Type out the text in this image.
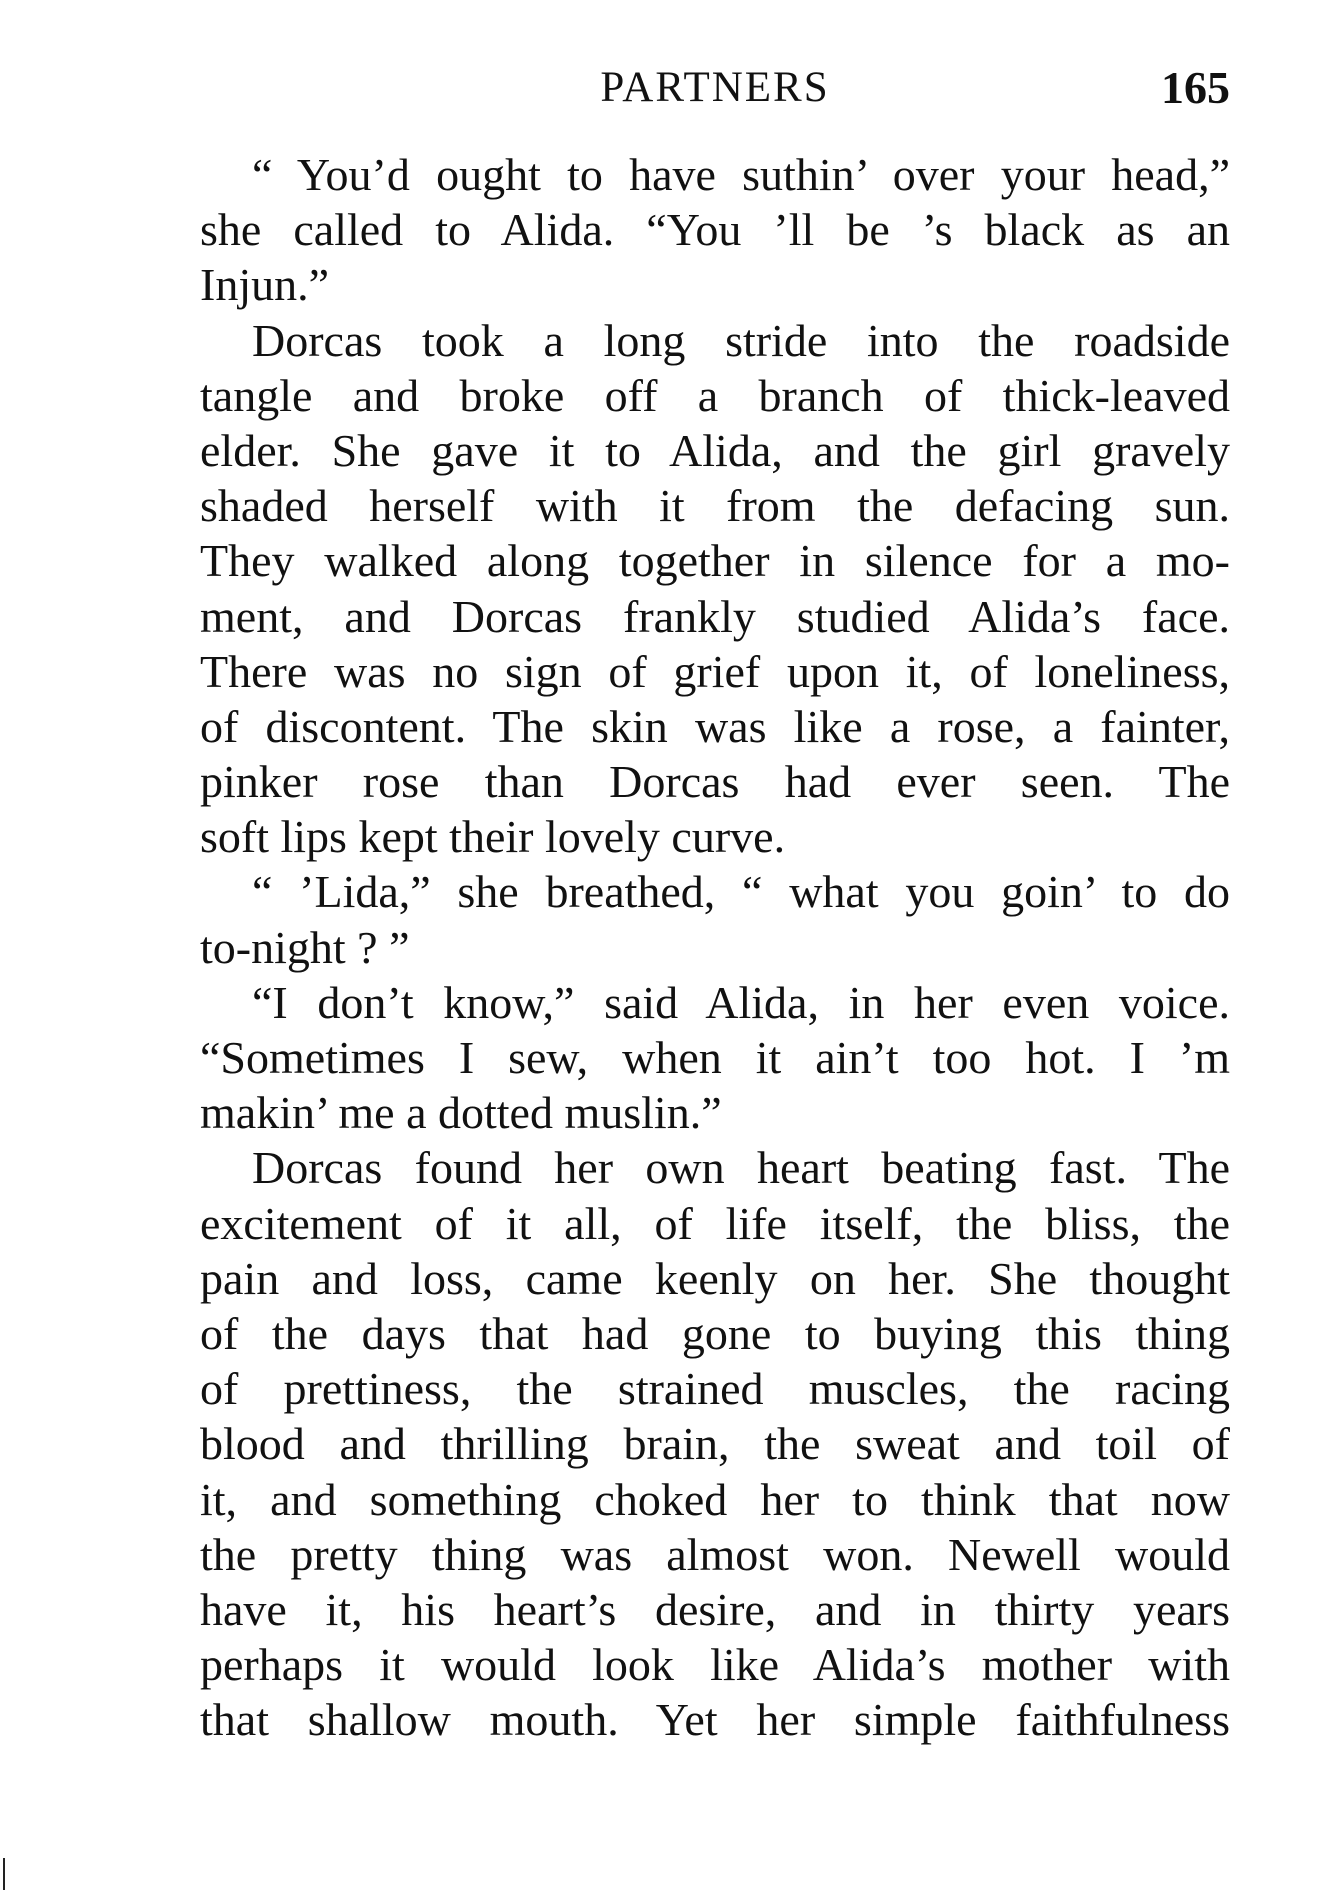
PARTNERS	165

“ You’d ought to have suthin’ over your head,”
she called to Alida. “You ’ll be ’s black as an
Injun.”

Dorcas took a long stride into the roadside
tangle and broke off a branch of thick-leaved
elder. She gave it to Alida, and the girl gravely
shaded herself with it from the defacing sun.
They walked along together in silence for a mo-
ment, and Dorcas frankly studied Alida’s face.
There was no sign of grief upon it, of loneliness,
of discontent. The skin was like a rose, a fainter,
pinker rose than Dorcas had ever seen. The
soft lips kept their lovely curve.

“ ’Lida,” she breathed, “ what you goin’ to do
to-night ? ”

“I don’t know,” said Alida, in her even voice.
“Sometimes I sew, when it ain’t too hot. I ’m
makin’ me a dotted muslin.”

Dorcas found her own heart beating fast. The
excitement of it all, of life itself, the bliss, the
pain and loss, came keenly on her. She thought
of the days that had gone to buying this thing
of prettiness, the strained muscles, the racing
blood and thrilling brain, the sweat and toil of
it, and something choked her to think that now
the pretty thing was almost won. Newell would
have it, his heart’s desire, and in thirty years
perhaps it would look like Alida’s mother with
that shallow mouth. Yet her simple faithfulness
